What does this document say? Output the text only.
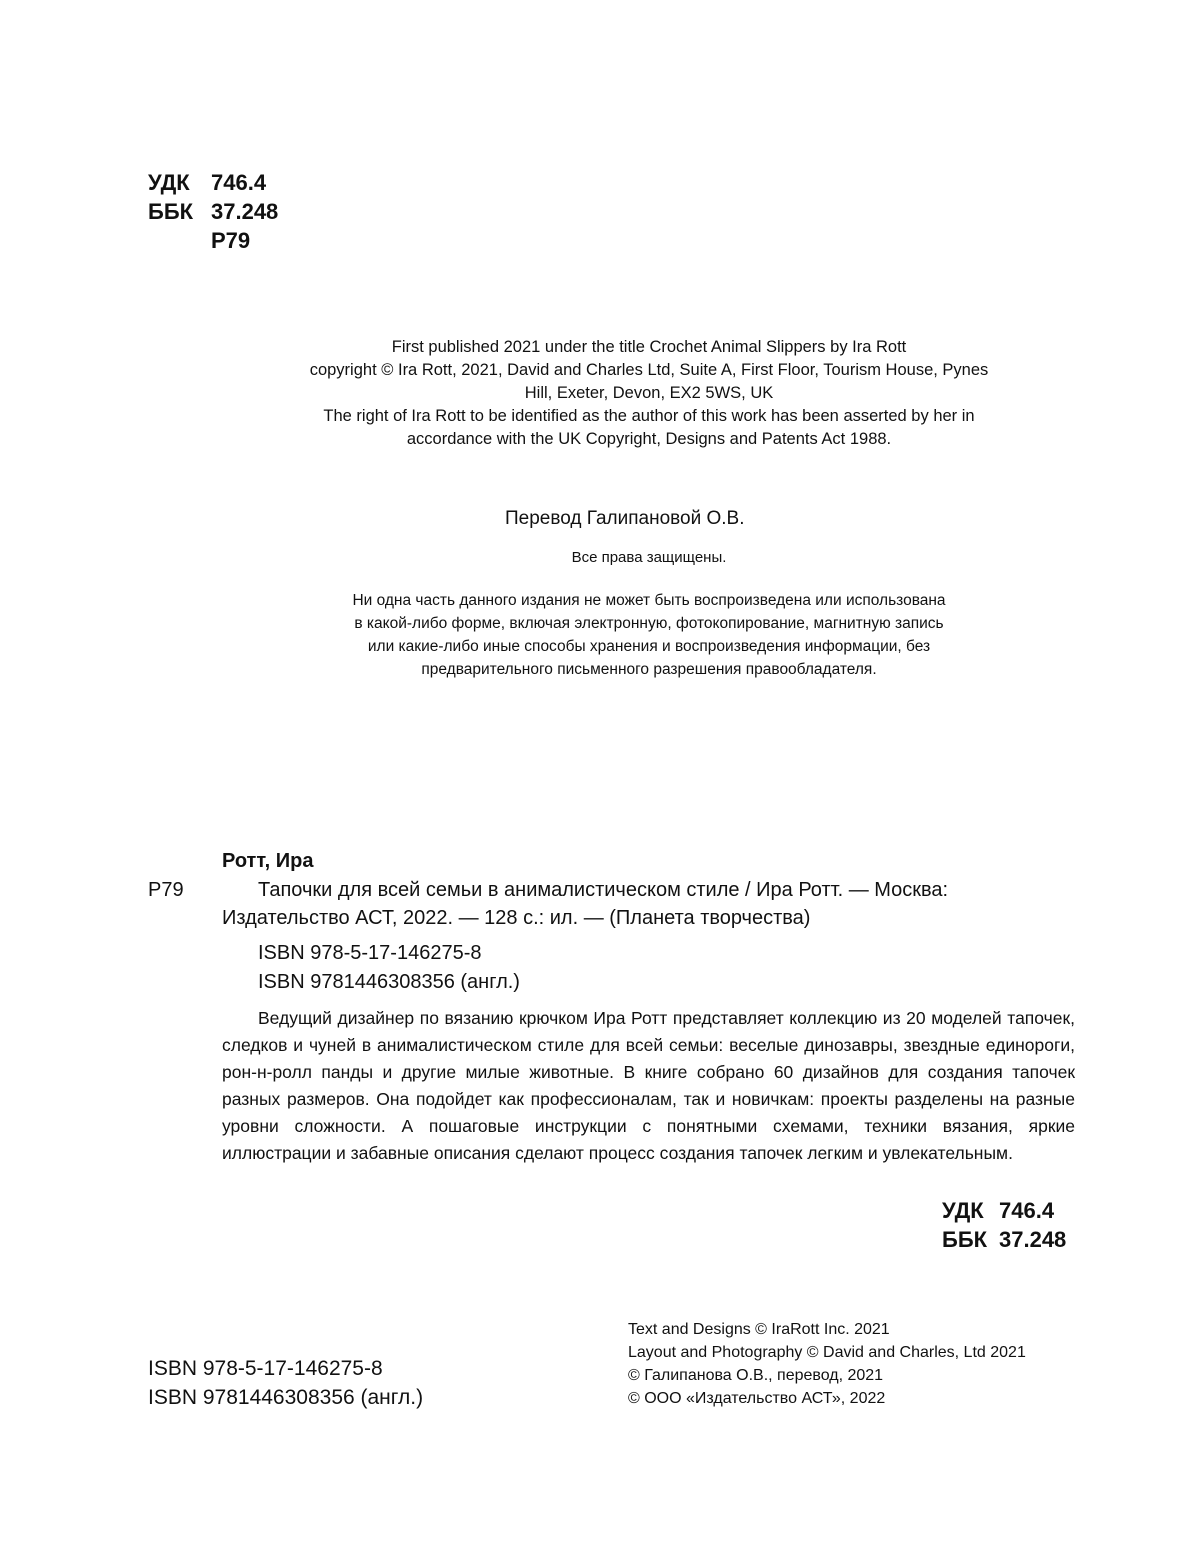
УДК 746.4
ББК 37.248
Р79
First published 2021 under the title Crochet Animal Slippers by Ira Rott
copyright © Ira Rott, 2021, David and Charles Ltd, Suite A, First Floor, Tourism House, Pynes
Hill, Exeter, Devon, EX2 5WS, UK
The right of Ira Rott to be identified as the author of this work has been asserted by her in
accordance with the UK Copyright, Designs and Patents Act 1988.
Перевод Галипановой О.В.
Все права защищены.
Ни одна часть данного издания не может быть воспроизведена или использована
в какой-либо форме, включая электронную, фотокопирование, магнитную запись
или какие-либо иные способы хранения и воспроизведения информации, без
предварительного письменного разрешения правообладателя.
Ротт, Ира
Р79	Тапочки для всей семьи в анималистическом стиле / Ира Ротт. — Москва:
Издательство АСТ, 2022. — 128 с.: ил. — (Планета творчества)
ISBN 978-5-17-146275-8
ISBN 9781446308356 (англ.)

Ведущий дизайнер по вязанию крючком Ира Ротт представляет коллекцию из 20 моделей тапочек, следков и чуней в анималистическом стиле для всей семьи: веселые динозавры, звездные единороги, рон-н-ролл панды и другие милые животные. В книге собрано 60 дизайнов для создания тапочек разных размеров. Она подойдет как профессионалам, так и новичкам: проекты разделены на разные уровни сложности. А пошаговые инструкции с понятными схемами, техники вязания, яркие иллюстрации и забавные описания сделают процесс создания тапочек легким и увлекательным.

УДК 746.4
ББК 37.248
ISBN 978-5-17-146275-8
ISBN 9781446308356 (англ.)
Text and Designs © IraRott Inc. 2021
Layout and Photography © David and Charles, Ltd 2021
© Галипанова О.В., перевод, 2021
© ООО «Издательство АСТ», 2022
